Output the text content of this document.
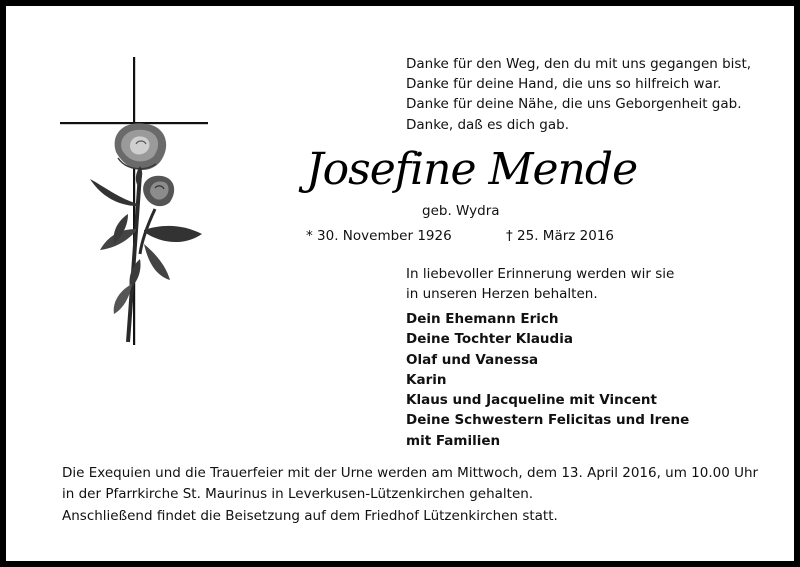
Danke für den Weg, den du mit uns gegangen bist,
Danke für deine Hand, die uns so hilfreich war.
Danke für deine Nähe, die uns Geborgenheit gab.
Danke, daß es dich gab.
Josefine Mende
geb. Wydra
* 30. November 1926	† 25. März 2016
In liebevoller Erinnerung werden wir sie
in unseren Herzen behalten.
Dein Ehemann Erich
Deine Tochter Klaudia
Olaf und Vanessa
Karin
Klaus und Jacqueline mit Vincent
Deine Schwestern Felicitas und Irene
mit Familien
Die Exequien und die Trauerfeier mit der Urne werden am Mittwoch, dem 13. April 2016, um 10.00 Uhr
in der Pfarrkirche St. Maurinus in Leverkusen-Lützenkirchen gehalten.
Anschließend findet die Beisetzung auf dem Friedhof Lützenkirchen statt.
